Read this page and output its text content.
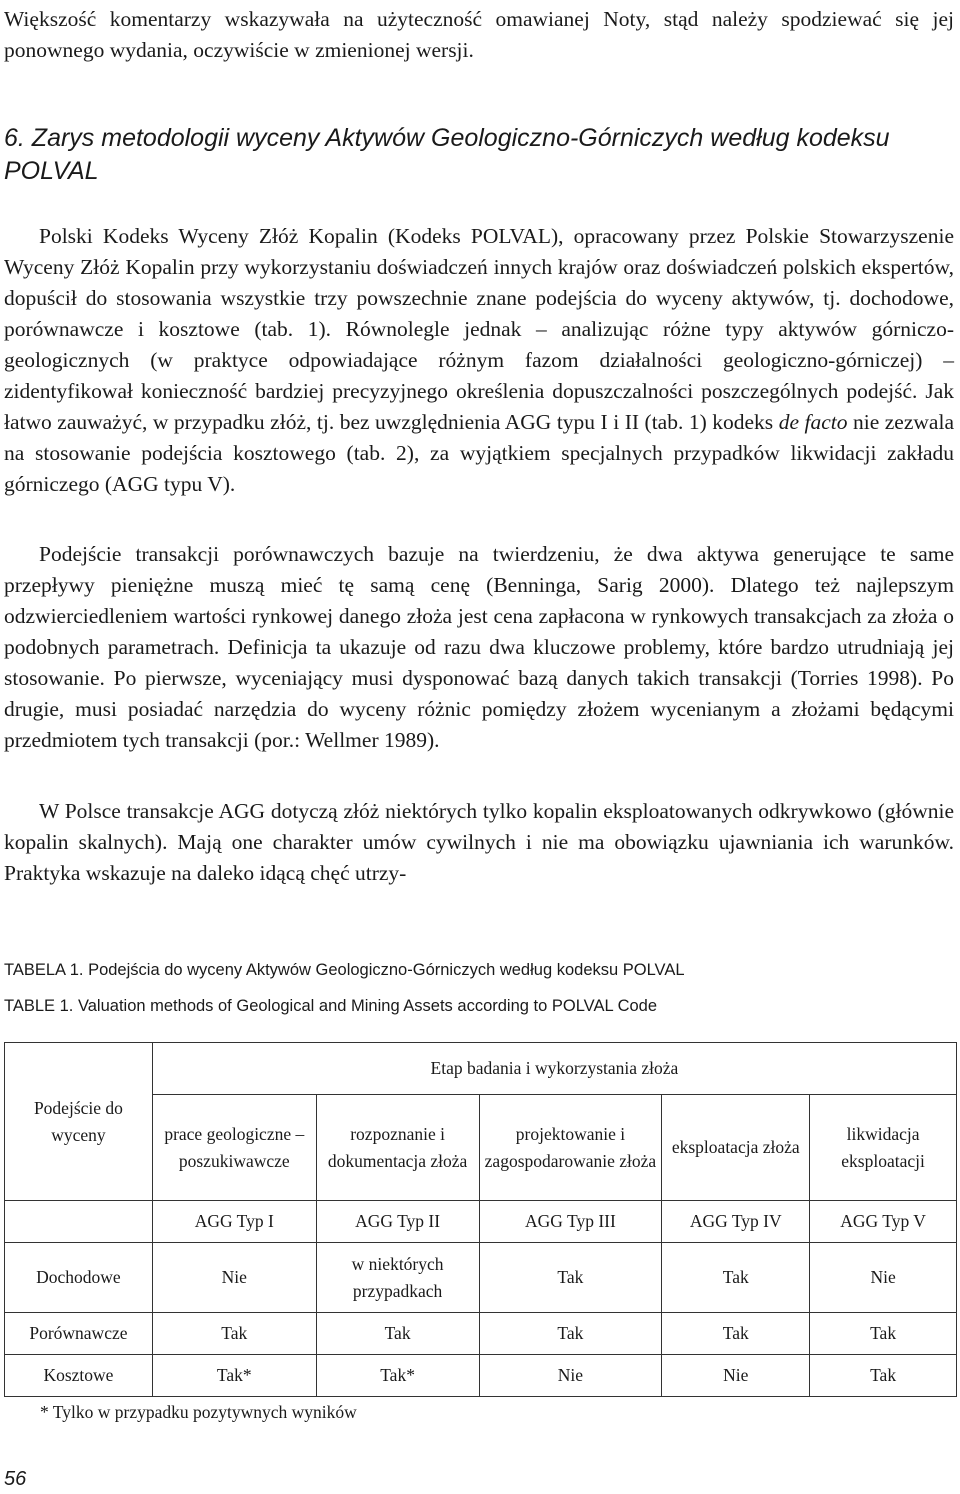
Większość komentarzy wskazywała na użyteczność omawianej Noty, stąd należy spodziewać się jej ponownego wydania, oczywiście w zmienionej wersji.

6. Zarys metodologii wyceny Aktywów Geologiczno-Górniczych według kodeksu POLVAL

Polski Kodeks Wyceny Złóż Kopalin (Kodeks POLVAL), opracowany przez Polskie Stowarzyszenie Wyceny Złóż Kopalin przy wykorzystaniu doświadczeń innych krajów oraz doświadczeń polskich ekspertów, dopuścił do stosowania wszystkie trzy powszechnie znane podejścia do wyceny aktywów, tj. dochodowe, porównawcze i kosztowe (tab. 1). Równolegle jednak – analizując różne typy aktywów górniczo-geologicznych (w praktyce odpowiadające różnym fazom działalności geologiczno-górniczej) – zidentyfikował konieczność bardziej precyzyjnego określenia dopuszczalności poszczególnych podejść. Jak łatwo zauważyć, w przypadku złóż, tj. bez uwzględnienia AGG typu I i II (tab. 1) kodeks de facto nie zezwala na stosowanie podejścia kosztowego (tab. 2), za wyjątkiem specjalnych przypadków likwidacji zakładu górniczego (AGG typu V).

Podejście transakcji porównawczych bazuje na twierdzeniu, że dwa aktywa generujące te same przepływy pieniężne muszą mieć tę samą cenę (Benninga, Sarig 2000). Dlatego też najlepszym odzwierciedleniem wartości rynkowej danego złoża jest cena zapłacona w rynkowych transakcjach za złoża o podobnych parametrach. Definicja ta ukazuje od razu dwa kluczowe problemy, które bardzo utrudniają jej stosowanie. Po pierwsze, wyceniający musi dysponować bazą danych takich transakcji (Torries 1998). Po drugie, musi posiadać narzędzia do wyceny różnic pomiędzy złożem wycenianym a złożami będącymi przedmiotem tych transakcji (por.: Wellmer 1989).

W Polsce transakcje AGG dotyczą złóż niektórych tylko kopalin eksploatowanych odkrywkowo (głównie kopalin skalnych). Mają one charakter umów cywilnych i nie ma obowiązku ujawniania ich warunków. Praktyka wskazuje na daleko idącą chęć utrzy-

TABELA 1. Podejścia do wyceny Aktywów Geologiczno-Górniczych według kodeksu POLVAL

TABLE 1. Valuation methods of Geological and Mining Assets according to POLVAL Code

Podejście do wyceny	Etap badania i wykorzystania złoża				
	prace geologiczne – poszukiwawcze	rozpoznanie i dokumentacja złoża	projektowanie i zagospodarowanie złoża	eksploatacja złoża	likwidacja eksploatacji
	AGG Typ I	AGG Typ II	AGG Typ III	AGG Typ IV	AGG Typ V
Dochodowe	Nie	w niektórych przypadkach	Tak	Tak	Nie
Porównawcze	Tak	Tak	Tak	Tak	Tak
Kosztowe	Tak*	Tak*	Nie	Nie	Tak

* Tylko w przypadku pozytywnych wyników

56
